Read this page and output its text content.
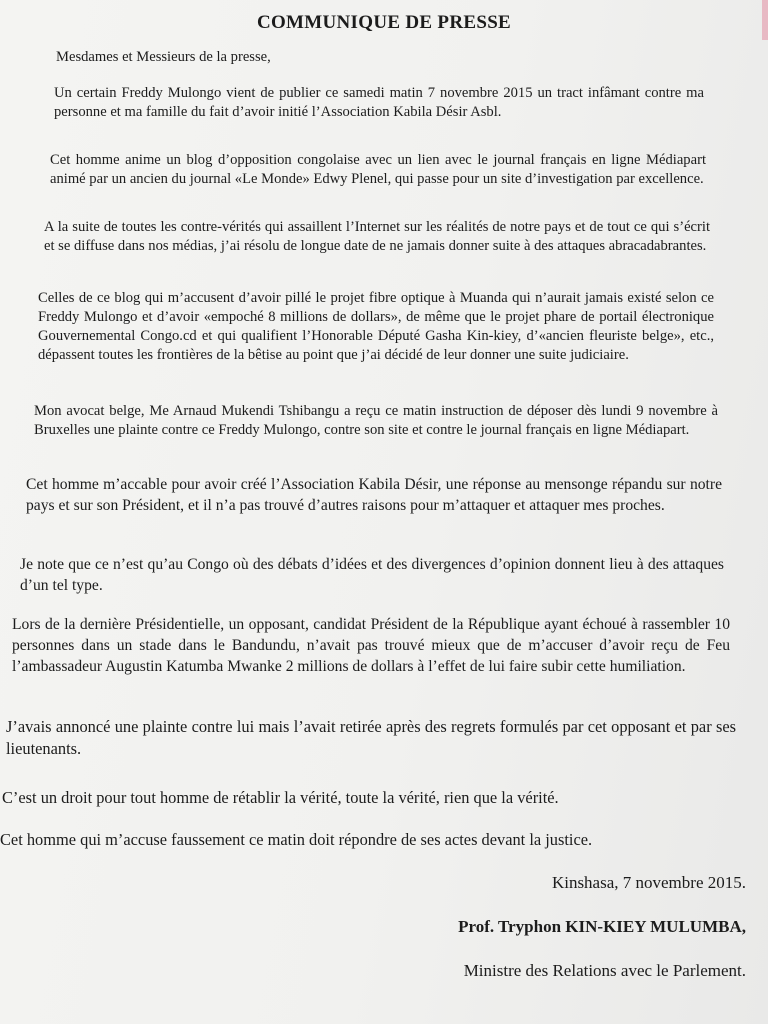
COMMUNIQUE DE PRESSE

Mesdames et Messieurs de la presse,

Un certain Freddy Mulongo vient de publier ce samedi matin 7 novembre 2015 un tract infâmant contre ma personne et ma famille du fait d’avoir initié l’Association Kabila Désir Asbl.

Cet homme anime un blog d’opposition congolaise avec un lien avec le journal français en ligne Médiapart animé par un ancien du journal «Le Monde» Edwy Plenel, qui passe pour un site d’investigation par excellence.

A la suite de toutes les contre-vérités qui assaillent l’Internet sur les réalités de notre pays et de tout ce qui s’écrit et se diffuse dans nos médias, j’ai résolu de longue date de ne jamais donner suite à des attaques abracadabrantes.

Celles de ce blog qui m’accusent d’avoir pillé le projet fibre optique à Muanda qui n’aurait jamais existé selon ce Freddy Mulongo et d’avoir «empoché 8 millions de dollars», de même que le projet phare de portail électronique Gouvernemental Congo.cd et qui qualifient l’Honorable Député Gasha Kin-kiey, d’«ancien fleuriste belge», etc., dépassent toutes les frontières de la bêtise au point que j’ai décidé de leur donner une suite judiciaire.

Mon avocat belge, Me Arnaud Mukendi Tshibangu a reçu ce matin instruction de déposer dès lundi 9 novembre à Bruxelles une plainte contre ce Freddy Mulongo, contre son site et contre le journal français en ligne Médiapart.

Cet homme m’accable pour avoir créé l’Association Kabila Désir, une réponse au mensonge répandu sur notre pays et sur son Président, et il n’a pas trouvé d’autres raisons pour m’attaquer et attaquer mes proches.

Je note que ce n’est qu’au Congo où des débats d’idées et des divergences d’opinion donnent lieu à des attaques d’un tel type.

Lors de la dernière Présidentielle, un opposant, candidat Président de la République ayant échoué à rassembler 10 personnes dans un stade dans le Bandundu, n’avait pas trouvé mieux que de m’accuser d’avoir reçu de Feu l’ambassadeur Augustin Katumba Mwanke 2 millions de dollars à l’effet de lui faire subir cette humiliation.

J’avais annoncé une plainte contre lui mais l’avait retirée après des regrets formulés par cet opposant et par ses lieutenants.

C’est un droit pour tout homme de rétablir la vérité, toute la vérité, rien que la vérité.

Cet homme qui m’accuse faussement ce matin doit répondre de ses actes devant la justice.

Kinshasa, 7 novembre 2015.

Prof. Tryphon KIN-KIEY MULUMBA,

Ministre des Relations avec le Parlement.
